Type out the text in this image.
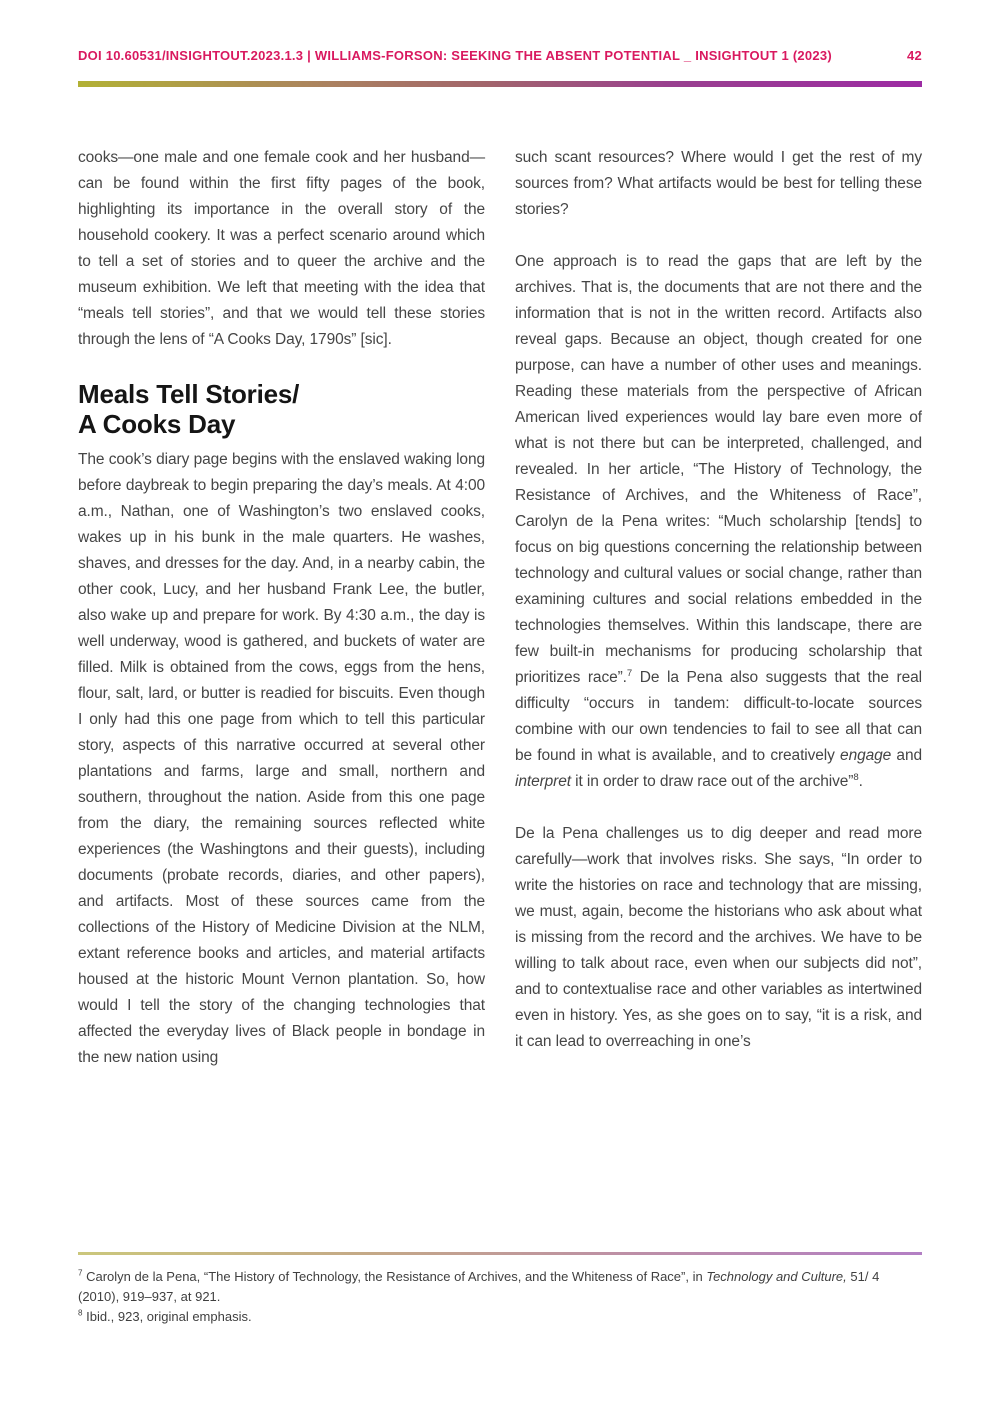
DOI 10.60531/INSIGHTOUT.2023.1.3 | WILLIAMS-FORSON: SEEKING THE ABSENT POTENTIAL _ INSIGHTOUT 1 (2023)	42

cooks—one male and one female cook and her husband—can be found within the first fifty pages of the book, highlighting its importance in the overall story of the household cookery. It was a perfect scenario around which to tell a set of stories and to queer the archive and the museum exhibition. We left that meeting with the idea that “meals tell stories”, and that we would tell these stories through the lens of “A Cooks Day, 1790s” [sic].

Meals Tell Stories/
A Cooks Day

The cook’s diary page begins with the enslaved waking long before daybreak to begin preparing the day’s meals. At 4:00 a.m., Nathan, one of Washington’s two enslaved cooks, wakes up in his bunk in the male quarters. He washes, shaves, and dresses for the day. And, in a nearby cabin, the other cook, Lucy, and her husband Frank Lee, the butler, also wake up and prepare for work. By 4:30 a.m., the day is well underway, wood is gathered, and buckets of water are filled. Milk is obtained from the cows, eggs from the hens, flour, salt, lard, or butter is readied for biscuits. Even though I only had this one page from which to tell this particular story, aspects of this narrative occurred at several other plantations and farms, large and small, northern and southern, throughout the nation. Aside from this one page from the diary, the remaining sources reflected white experiences (the Washingtons and their guests), including documents (probate records, diaries, and other papers), and artifacts. Most of these sources came from the collections of the History of Medicine Division at the NLM, extant reference books and articles, and material artifacts housed at the historic Mount Vernon plantation. So, how would I tell the story of the changing technologies that affected the everyday lives of Black people in bondage in the new nation using

such scant resources? Where would I get the rest of my sources from? What artifacts would be best for telling these stories?

One approach is to read the gaps that are left by the archives. That is, the documents that are not there and the information that is not in the written record. Artifacts also reveal gaps. Because an object, though created for one purpose, can have a number of other uses and meanings. Reading these materials from the perspective of African American lived experiences would lay bare even more of what is not there but can be interpreted, challenged, and revealed. In her article, “The History of Technology, the Resistance of Archives, and the Whiteness of Race”, Carolyn de la Pena writes: “Much scholarship [tends] to focus on big questions concerning the relationship between technology and cultural values or social change, rather than examining cultures and social relations embedded in the technologies themselves. Within this landscape, there are few built-in mechanisms for producing scholarship that prioritizes race”.$^7$ De la Pena also suggests that the real difficulty “occurs in tandem: difficult-to-locate sources combine with our own tendencies to fail to see all that can be found in what is available, and to creatively engage and interpret it in order to draw race out of the archive”$^8$.

De la Pena challenges us to dig deeper and read more carefully—work that involves risks. She says, “In order to write the histories on race and technology that are missing, we must, again, become the historians who ask about what is missing from the record and the archives. We have to be willing to talk about race, even when our subjects did not”, and to contextualise race and other variables as intertwined even in history. Yes, as she goes on to say, “it is a risk, and it can lead to overreaching in one’s

$^7$ Carolyn de la Pena, “The History of Technology, the Resistance of Archives, and the Whiteness of Race”, in Technology and Culture, 51/ 4 (2010), 919–937, at 921.

$^8$ Ibid., 923, original emphasis.
